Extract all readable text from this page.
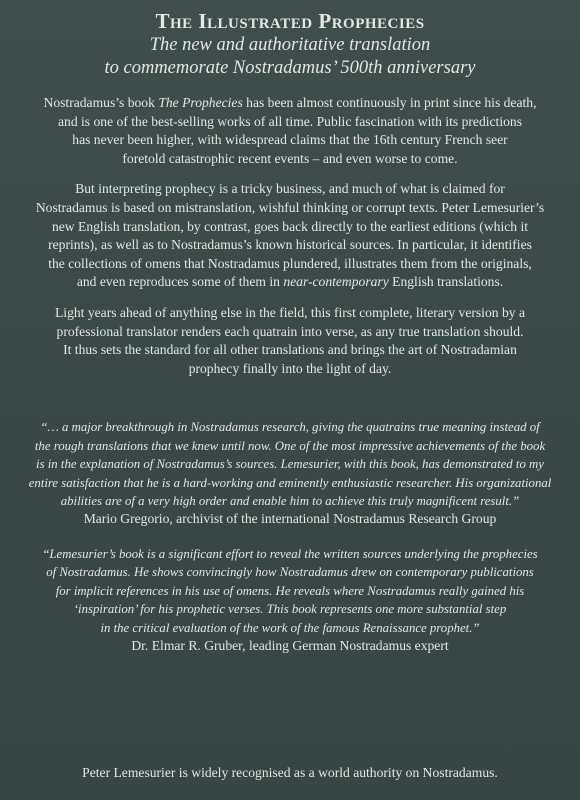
The Illustrated Prophecies

The new and authoritative translation
to commemorate Nostradamus’ 500th anniversary

Nostradamus’s book The Prophecies has been almost continuously in print since his death,
and is one of the best-selling works of all time. Public fascination with its predictions
has never been higher, with widespread claims that the 16th century French seer
foretold catastrophic recent events – and even worse to come.

But interpreting prophecy is a tricky business, and much of what is claimed for
Nostradamus is based on mistranslation, wishful thinking or corrupt texts. Peter Lemesurier’s
new English translation, by contrast, goes back directly to the earliest editions (which it
reprints), as well as to Nostradamus’s known historical sources. In particular, it identifies
the collections of omens that Nostradamus plundered, illustrates them from the originals,
and even reproduces some of them in near-contemporary English translations.

Light years ahead of anything else in the field, this first complete, literary version by a
professional translator renders each quatrain into verse, as any true translation should.
It thus sets the standard for all other translations and brings the art of Nostradamian
prophecy finally into the light of day.

“… a major breakthrough in Nostradamus research, giving the quatrains true meaning instead of
the rough translations that we knew until now. One of the most impressive achievements of the book
is in the explanation of Nostradamus’s sources. Lemesurier, with this book, has demonstrated to my
entire satisfaction that he is a hard-working and eminently enthusiastic researcher. His organizational
abilities are of a very high order and enable him to achieve this truly magnificent result.”

Mario Gregorio, archivist of the international Nostradamus Research Group

“Lemesurier’s book is a significant effort to reveal the written sources underlying the prophecies
of Nostradamus. He shows convincingly how Nostradamus drew on contemporary publications
for implicit references in his use of omens. He reveals where Nostradamus really gained his
‘inspiration’ for his prophetic verses. This book represents one more substantial step
in the critical evaluation of the work of the famous Renaissance prophet.”

Dr. Elmar R. Gruber, leading German Nostradamus expert

Peter Lemesurier is widely recognised as a world authority on Nostradamus.
